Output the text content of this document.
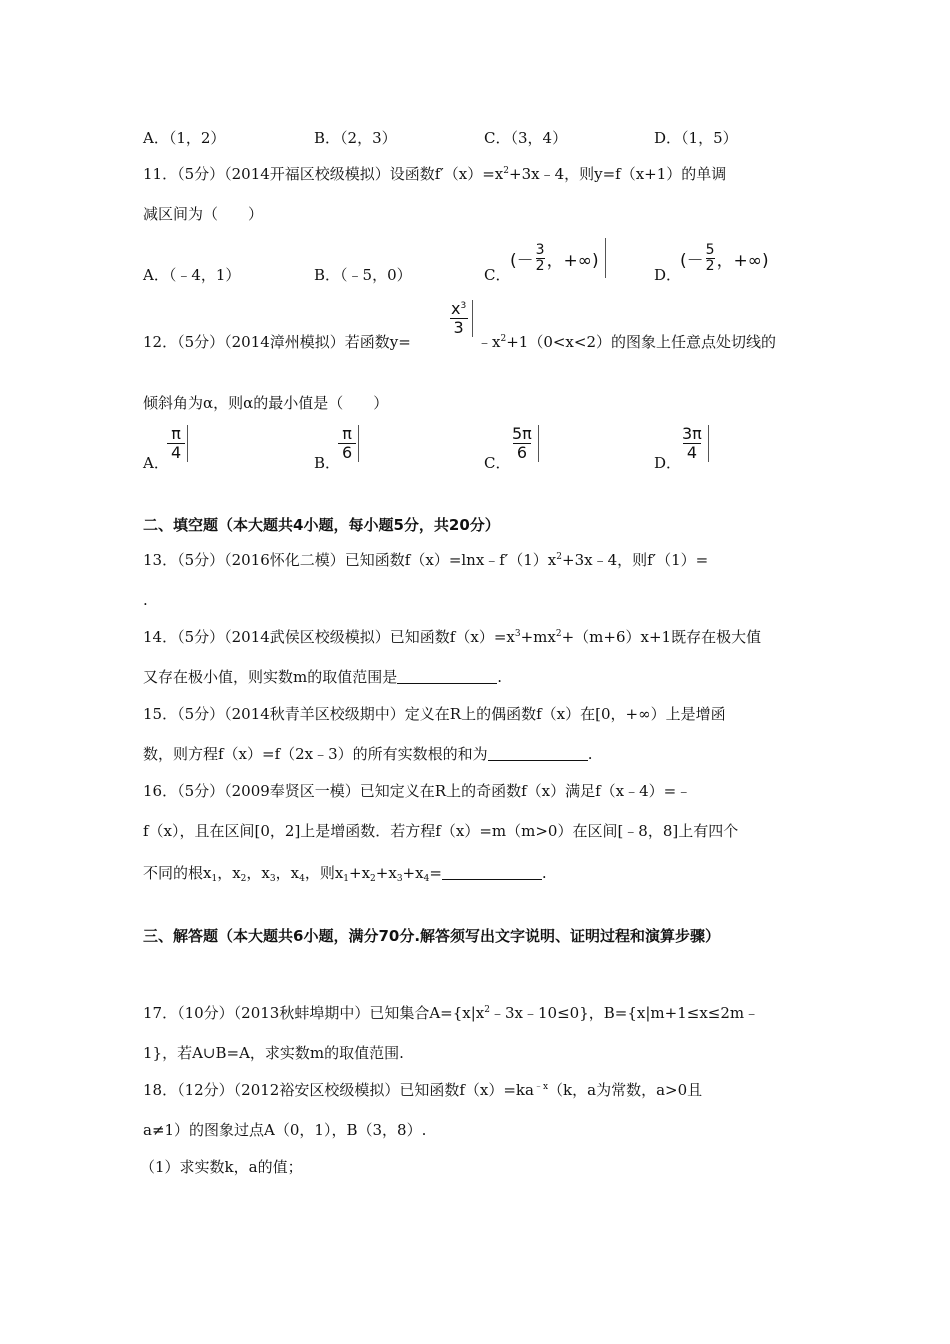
A．（1，2）	B．（2，3）	C．（3，4）	D．（1，5）
11．（5分）（2014开福区校级模拟）设函数$f'(x)=x^2+3x﹣4$，则y=f（x+1）的单调
减区间为（　　）
A．（﹣4，1）	B．（﹣5，0）	C．
(－ $\frac{3}{2}$ ，+∞)
D．
(－ $\frac{5}{2}$ ，+∞)
12．（5分）（2014漳州模拟）若函数y=
$\frac{x^3}{3}$
$﹣x^2+1(0<x<2)$的图象上任意点处切线的
倾斜角为α，则α的最小值是（　　）
A．
$\frac{\pi}{4}$
B．
$\frac{\pi}{6}$
C．
$\frac{5\pi}{6}$
D．
$\frac{3\pi}{4}$
二、填空题（本大题共4小题，每小题5分，共20分）
13．（5分）（2016怀化二模）已知函数$f(x)=\ln x﹣f'(1)x^2+3x﹣4$，则f′（1）=
.
14．（5分）（2014武侯区校级模拟）已知函数$f(x)=x^3+mx^2+(m+6)x+1$既存在极大值
又存在极小值，则实数m的取值范围是	.
15．（5分）（2014秋青羊区校级期中）定义在R上的偶函数f（x）在[0，+∞）上是增函
数，则方程f（x）=f（2x﹣3）的所有实数根的和为	.
16．（5分）（2009奉贤区一模）已知定义在R上的奇函数f（x）满足f（x﹣4）=﹣
f（x），且在区间[0，2]上是增函数．若方程f（x）=m（m>0）在区间[﹣8，8]上有四个
不同的根$x_1$，$x_2$，$x_3$，$x_4$，则$x_1+x_2+x_3+x_4=$	.
三、解答题（本大题共6小题，满分70分.解答须写出文字说明、证明过程和演算步骤）
17．（10分）（2013秋蚌埠期中）已知集合$A=\{x|x^2﹣3x﹣10\le 0\}$，B={x|m+1≤x≤2m﹣
1}，若A∪B=A，求实数m的取值范围.
18．（12分）（2012裕安区校级模拟）已知函数$f(x)=ka^{﹣x}(k$，a为常数，a>0且
a≠1）的图象过点A（0，1），B（3，8）.
（1）求实数k，a的值；
